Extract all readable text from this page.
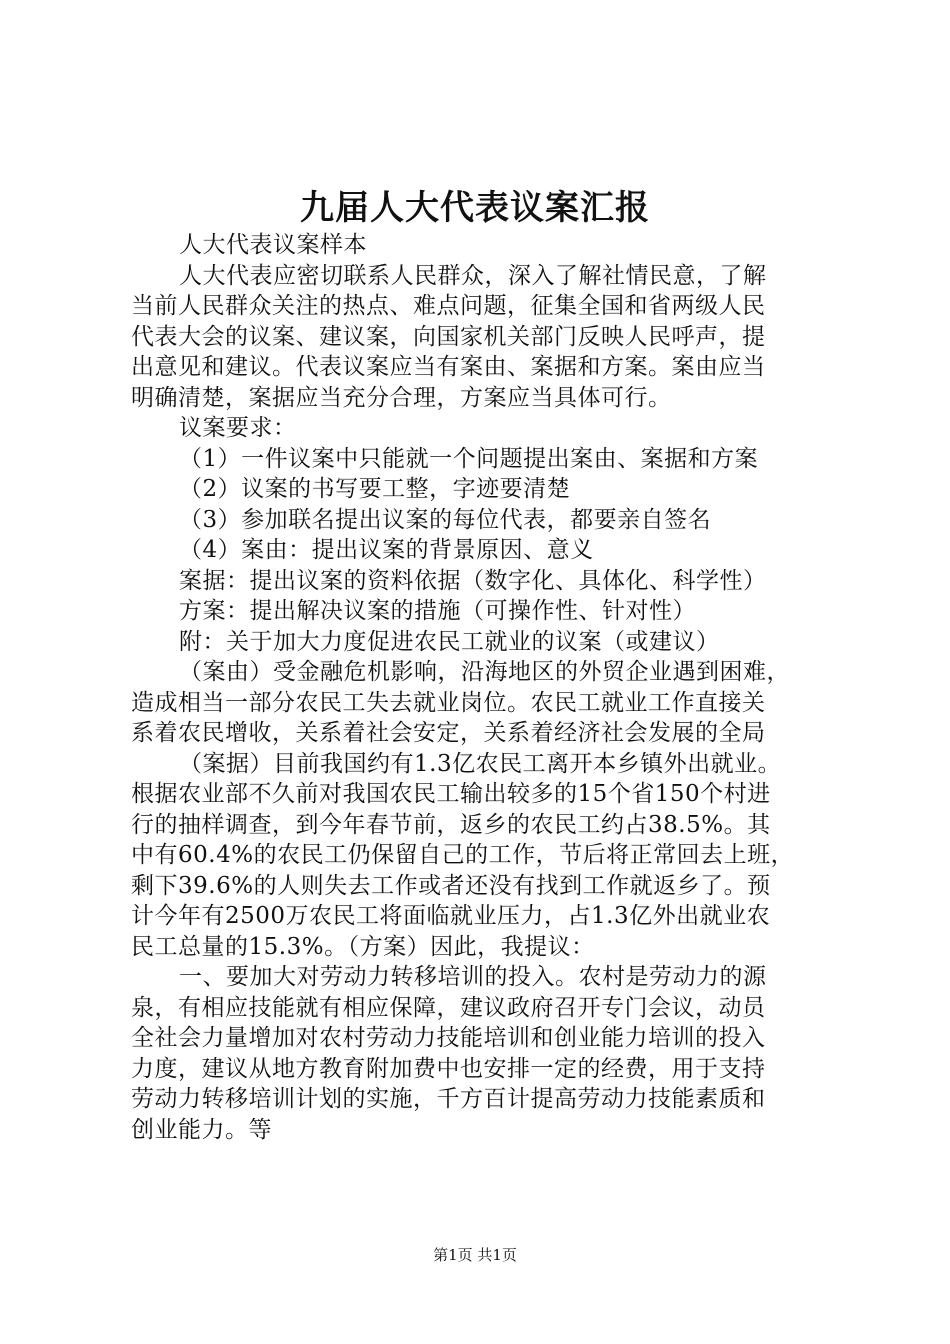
九届人大代表议案汇报
人大代表议案样本
人大代表应密切联系人民群众，深入了解社情民意，了解
当前人民群众关注的热点、难点问题，征集全国和省两级人民
代表大会的议案、建议案，向国家机关部门反映人民呼声，提
出意见和建议。代表议案应当有案由、案据和方案。案由应当
明确清楚，案据应当充分合理，方案应当具体可行。
议案要求：
（1）一件议案中只能就一个问题提出案由、案据和方案
（2）议案的书写要工整，字迹要清楚
（3）参加联名提出议案的每位代表，都要亲自签名
（4）案由：提出议案的背景原因、意义
案据：提出议案的资料依据（数字化、具体化、科学性）
方案：提出解决议案的措施（可操作性、针对性）
附：关于加大力度促进农民工就业的议案（或建议）
（案由）受金融危机影响，沿海地区的外贸企业遇到困难，
造成相当一部分农民工失去就业岗位。农民工就业工作直接关
系着农民增收，关系着社会安定，关系着经济社会发展的全局
（案据）目前我国约有1.3亿农民工离开本乡镇外出就业。
根据农业部不久前对我国农民工输出较多的15个省150个村进
行的抽样调查，到今年春节前，返乡的农民工约占38.5%。其
中有60.4%的农民工仍保留自己的工作，节后将正常回去上班，
剩下39.6%的人则失去工作或者还没有找到工作就返乡了。预
计今年有2500万农民工将面临就业压力，占1.3亿外出就业农
民工总量的15.3%。（方案）因此，我提议：
一、要加大对劳动力转移培训的投入。农村是劳动力的源
泉，有相应技能就有相应保障，建议政府召开专门会议，动员
全社会力量增加对农村劳动力技能培训和创业能力培训的投入
力度，建议从地方教育附加费中也安排一定的经费，用于支持
劳动力转移培训计划的实施，千方百计提高劳动力技能素质和
创业能力。等
第1页 共1页
